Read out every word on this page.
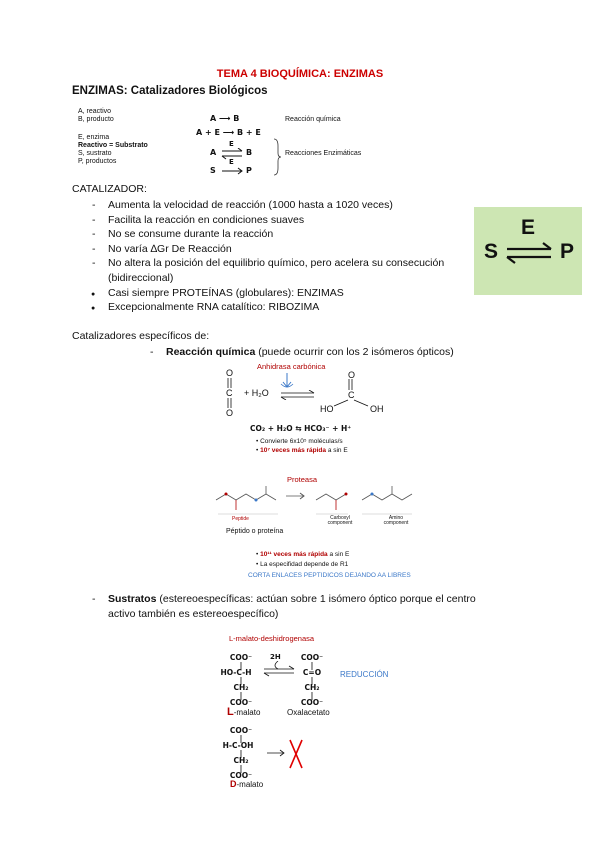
TEMA 4 BIOQUÍMICA: ENZIMAS
ENZIMAS: Catalizadores Biológicos
A, reactivo
B, producto
E, enzima
Reactivo = Substrato
S, sustrato
P, productos
A ⟶ B
A + E ⟶ B + E
A
E
⇌ B
S
E
P
Reacción química
Reacciones Enzimáticas
CATALIZADOR:
- Aumenta la velocidad de reacción (1000 hasta a 1020 veces)
- Facilita la reacción en condiciones suaves
- No se consume durante la reacción
- No varía ∆Gr De Reacción
- No altera la posición del equilibrio químico, pero acelera su consecución
(bidireccional)
● Casi siempre PROTEÍNAS (globulares): ENZIMAS
● Excepcionalmente RNA catalítico: RIBOZIMA
S
E
⇌ P
Catalizadores específicos de:
- Reacción química (puede ocurrir con los 2 isómeros ópticos)
Anhidrasa carbónica
O
C
O
+ H₂O ⇌
O
C
HO	OH
CO₂ + H₂O ⇆ HCO₃⁻ + H⁺
• Convierte 6x10⁵ moléculas/s
• 10⁷ veces más rápida a sin E
Proteasa
Peptide	Carboxyl component
Amino component
Péptido o proteína
• 10¹¹ veces más rápida a sin E
• La especifidad depende de R1
CORTA ENLACES PEPTIDICOS DEJANDO AA LIBRES
- Sustratos (estereoespecíficas: actúan sobre 1 isómero óptico porque el centro
activo también es estereoespecífico)
L-malato-deshidrogenasa
COO⁻
|
HO-C-H
|
CH₂
|
COO⁻
2H	COO⁻
|
C=O
|
CH₂
|
COO⁻
REDUCCIÓN
L-malato	Oxalacetato
COO⁻
|
H-C-OH
|
CH₂
|
COO⁻
D-malato
